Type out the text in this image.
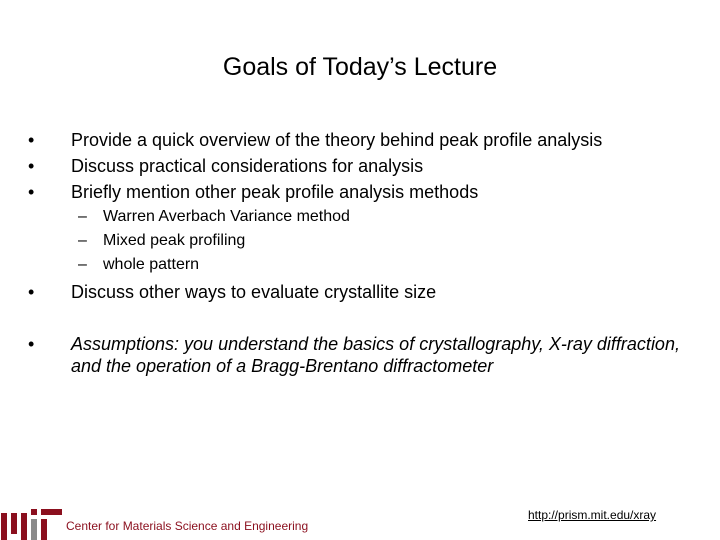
Goals of Today’s Lecture
•	Provide a quick overview of the theory behind peak profile analysis
•	Discuss practical considerations for analysis
•	Briefly mention other peak profile analysis methods
– Warren Averbach Variance method
– Mixed peak profiling
– whole pattern
•	Discuss other ways to evaluate crystallite size
• Assumptions: you understand the basics of crystallography, X-ray diffraction, and the operation of a Bragg-Brentano diffractometer
Center for Materials Science and Engineering
http://prism.mit.edu/xray
